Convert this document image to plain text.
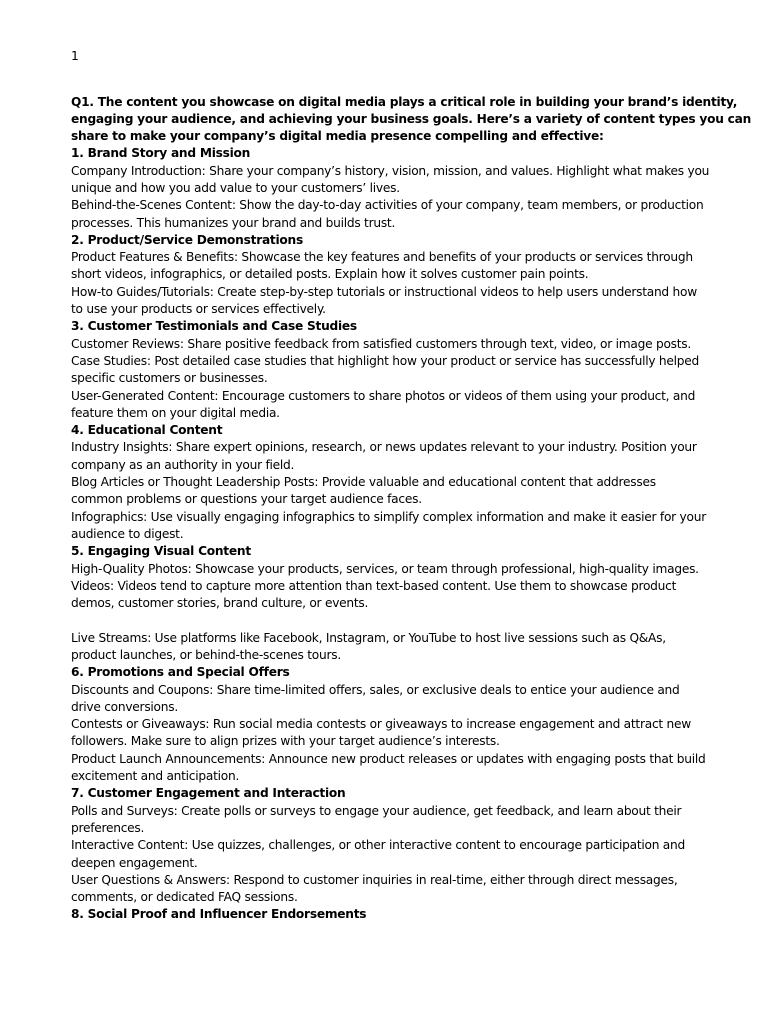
1
Q1. The content you showcase on digital media plays a critical role in building your brand’s identity,
engaging your audience, and achieving your business goals. Here’s a variety of content types you can
share to make your company’s digital media presence compelling and effective:
1. Brand Story and Mission
Company Introduction: Share your company’s history, vision, mission, and values. Highlight what makes you
unique and how you add value to your customers’ lives.
Behind-the-Scenes Content: Show the day-to-day activities of your company, team members, or production
processes. This humanizes your brand and builds trust.
2. Product/Service Demonstrations
Product Features & Benefits: Showcase the key features and benefits of your products or services through
short videos, infographics, or detailed posts. Explain how it solves customer pain points.
How-to Guides/Tutorials: Create step-by-step tutorials or instructional videos to help users understand how
to use your products or services effectively.
3. Customer Testimonials and Case Studies
Customer Reviews: Share positive feedback from satisfied customers through text, video, or image posts.
Case Studies: Post detailed case studies that highlight how your product or service has successfully helped
specific customers or businesses.
User-Generated Content: Encourage customers to share photos or videos of them using your product, and
feature them on your digital media.
4. Educational Content
Industry Insights: Share expert opinions, research, or news updates relevant to your industry. Position your
company as an authority in your field.
Blog Articles or Thought Leadership Posts: Provide valuable and educational content that addresses
common problems or questions your target audience faces.
Infographics: Use visually engaging infographics to simplify complex information and make it easier for your
audience to digest.
5. Engaging Visual Content
High-Quality Photos: Showcase your products, services, or team through professional, high-quality images.
Videos: Videos tend to capture more attention than text-based content. Use them to showcase product
demos, customer stories, brand culture, or events.
Live Streams: Use platforms like Facebook, Instagram, or YouTube to host live sessions such as Q&As,
product launches, or behind-the-scenes tours.
6. Promotions and Special Offers
Discounts and Coupons: Share time-limited offers, sales, or exclusive deals to entice your audience and
drive conversions.
Contests or Giveaways: Run social media contests or giveaways to increase engagement and attract new
followers. Make sure to align prizes with your target audience’s interests.
Product Launch Announcements: Announce new product releases or updates with engaging posts that build
excitement and anticipation.
7. Customer Engagement and Interaction
Polls and Surveys: Create polls or surveys to engage your audience, get feedback, and learn about their
preferences.
Interactive Content: Use quizzes, challenges, or other interactive content to encourage participation and
deepen engagement.
User Questions & Answers: Respond to customer inquiries in real-time, either through direct messages,
comments, or dedicated FAQ sessions.
8. Social Proof and Influencer Endorsements
